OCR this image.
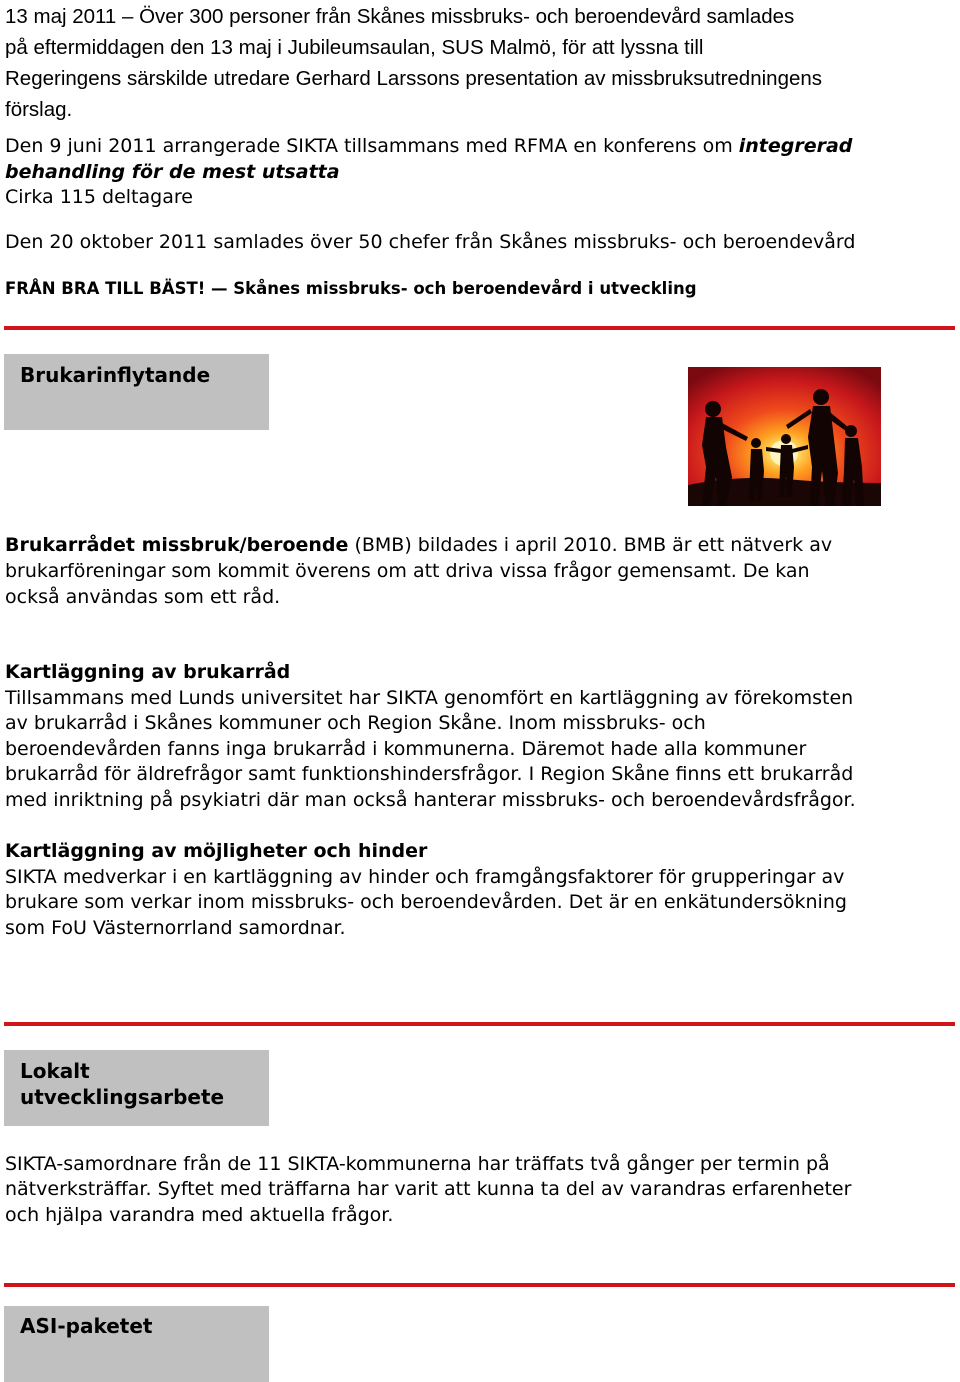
13 maj 2011 – Över 300 personer från Skånes missbruks- och beroendevård samlades
på eftermiddagen den 13 maj i Jubileumsaulan, SUS Malmö, för att lyssna till
Regeringens särskilde utredare Gerhard Larssons presentation av missbruksutredningens
förslag.
Den 9 juni 2011 arrangerade SIKTA tillsammans med RFMA en konferens om integrerad
behandling för de mest utsatta
Cirka 115 deltagare
Den 20 oktober 2011 samlades över 50 chefer från Skånes missbruks- och beroendevård
FRÅN BRA TILL BÄST! — Skånes missbruks- och beroendevård i utveckling
Brukarinflytande
Brukarrådet missbruk/beroende (BMB) bildades i april 2010. BMB är ett nätverk av
brukarföreningar som kommit överens om att driva vissa frågor gemensamt. De kan
också användas som ett råd.
Kartläggning av brukarråd
Tillsammans med Lunds universitet har SIKTA genomfört en kartläggning av förekomsten
av brukarråd i Skånes kommuner och Region Skåne. Inom missbruks- och
beroendevården fanns inga brukarråd i kommunerna. Däremot hade alla kommuner
brukarråd för äldrefrågor samt funktionshindersfrågor. I Region Skåne finns ett brukarråd
med inriktning på psykiatri där man också hanterar missbruks- och beroendevårdsfrågor.
Kartläggning av möjligheter och hinder
SIKTA medverkar i en kartläggning av hinder och framgångsfaktorer för grupperingar av
brukare som verkar inom missbruks- och beroendevården. Det är en enkätundersökning
som FoU Västernorrland samordnar.
Lokalt
utvecklingsarbete
SIKTA-samordnare från de 11 SIKTA-kommunerna har träffats två gånger per termin på
nätverksträffar. Syftet med träffarna har varit att kunna ta del av varandras erfarenheter
och hjälpa varandra med aktuella frågor.
ASI-paketet
